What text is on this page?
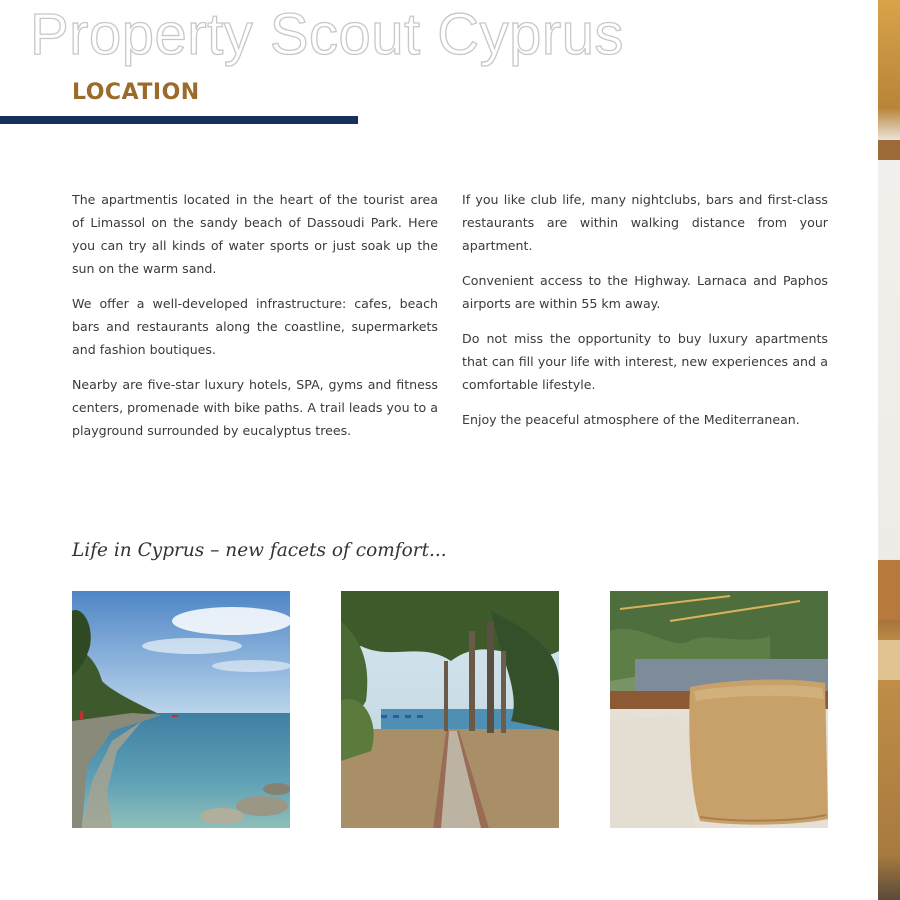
Property Scout Cyprus
LOCATION

The apartmentis located in the heart of the tourist area of Limassol on the sandy beach of Dassoudi Park. Here you can try all kinds of water sports or just soak up the sun on the warm sand.

We offer a well-developed infrastructure: cafes, beach bars and restaurants along the coastline, supermarkets and fashion boutiques.

Nearby are five-star luxury hotels, SPA, gyms and fitness centers, promenade with bike paths. A trail leads you to a playground surrounded by eucalyptus trees.

If you like club life, many nightclubs, bars and first-class restaurants are within walking distance from your apartment.

Convenient access to the Highway. Larnaca and Paphos airports are within 55 km away.

Do not miss the opportunity to buy luxury apartments that can fill your life with interest, new experiences and a comfortable lifestyle.

Enjoy the peaceful atmosphere of the Mediterranean.

Life in Cyprus – new facets of comfort...
